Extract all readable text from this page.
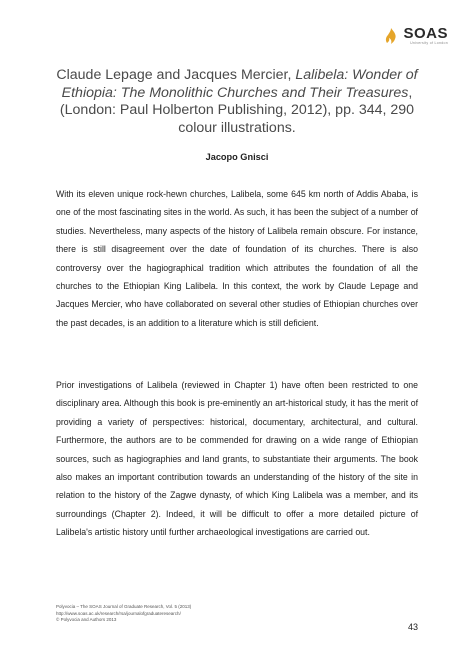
SOAS
University of London
Claude Lepage and Jacques Mercier, Lalibela: Wonder of Ethiopia: The Monolithic Churches and Their Treasures, (London: Paul Holberton Publishing, 2012), pp. 344, 290 colour illustrations.
Jacopo Gnisci

With its eleven unique rock-hewn churches, Lalibela, some 645 km north of Addis Ababa, is one of the most fascinating sites in the world. As such, it has been the subject of a number of studies. Nevertheless, many aspects of the history of Lalibela remain obscure. For instance, there is still disagreement over the date of foundation of its churches. There is also controversy over the hagiographical tradition which attributes the foundation of all the churches to the Ethiopian King Lalibela. In this context, the work by Claude Lepage and Jacques Mercier, who have collaborated on several other studies of Ethiopian churches over the past decades, is an addition to a literature which is still deficient.

Prior investigations of Lalibela (reviewed in Chapter 1) have often been restricted to one disciplinary area. Although this book is pre-eminently an art-historical study, it has the merit of providing a variety of perspectives: historical, documentary, architectural, and cultural. Furthermore, the authors are to be commended for drawing on a wide range of Ethiopian sources, such as hagiographies and land grants, to substantiate their arguments. The book also makes an important contribution towards an understanding of the history of the site in relation to the history of the Zagwe dynasty, of which King Lalibela was a member, and its surroundings (Chapter 2). Indeed, it will be difficult to offer a more detailed picture of Lalibela's artistic history until further archaeological investigations are carried out.

Polyvocia – The SOAS Journal of Graduate Research, Vol. 5 (2013)
http://www.soas.ac.uk/research/rsa/journalofgraduateresearch/
© Polyvocia and Authors 2013
43
